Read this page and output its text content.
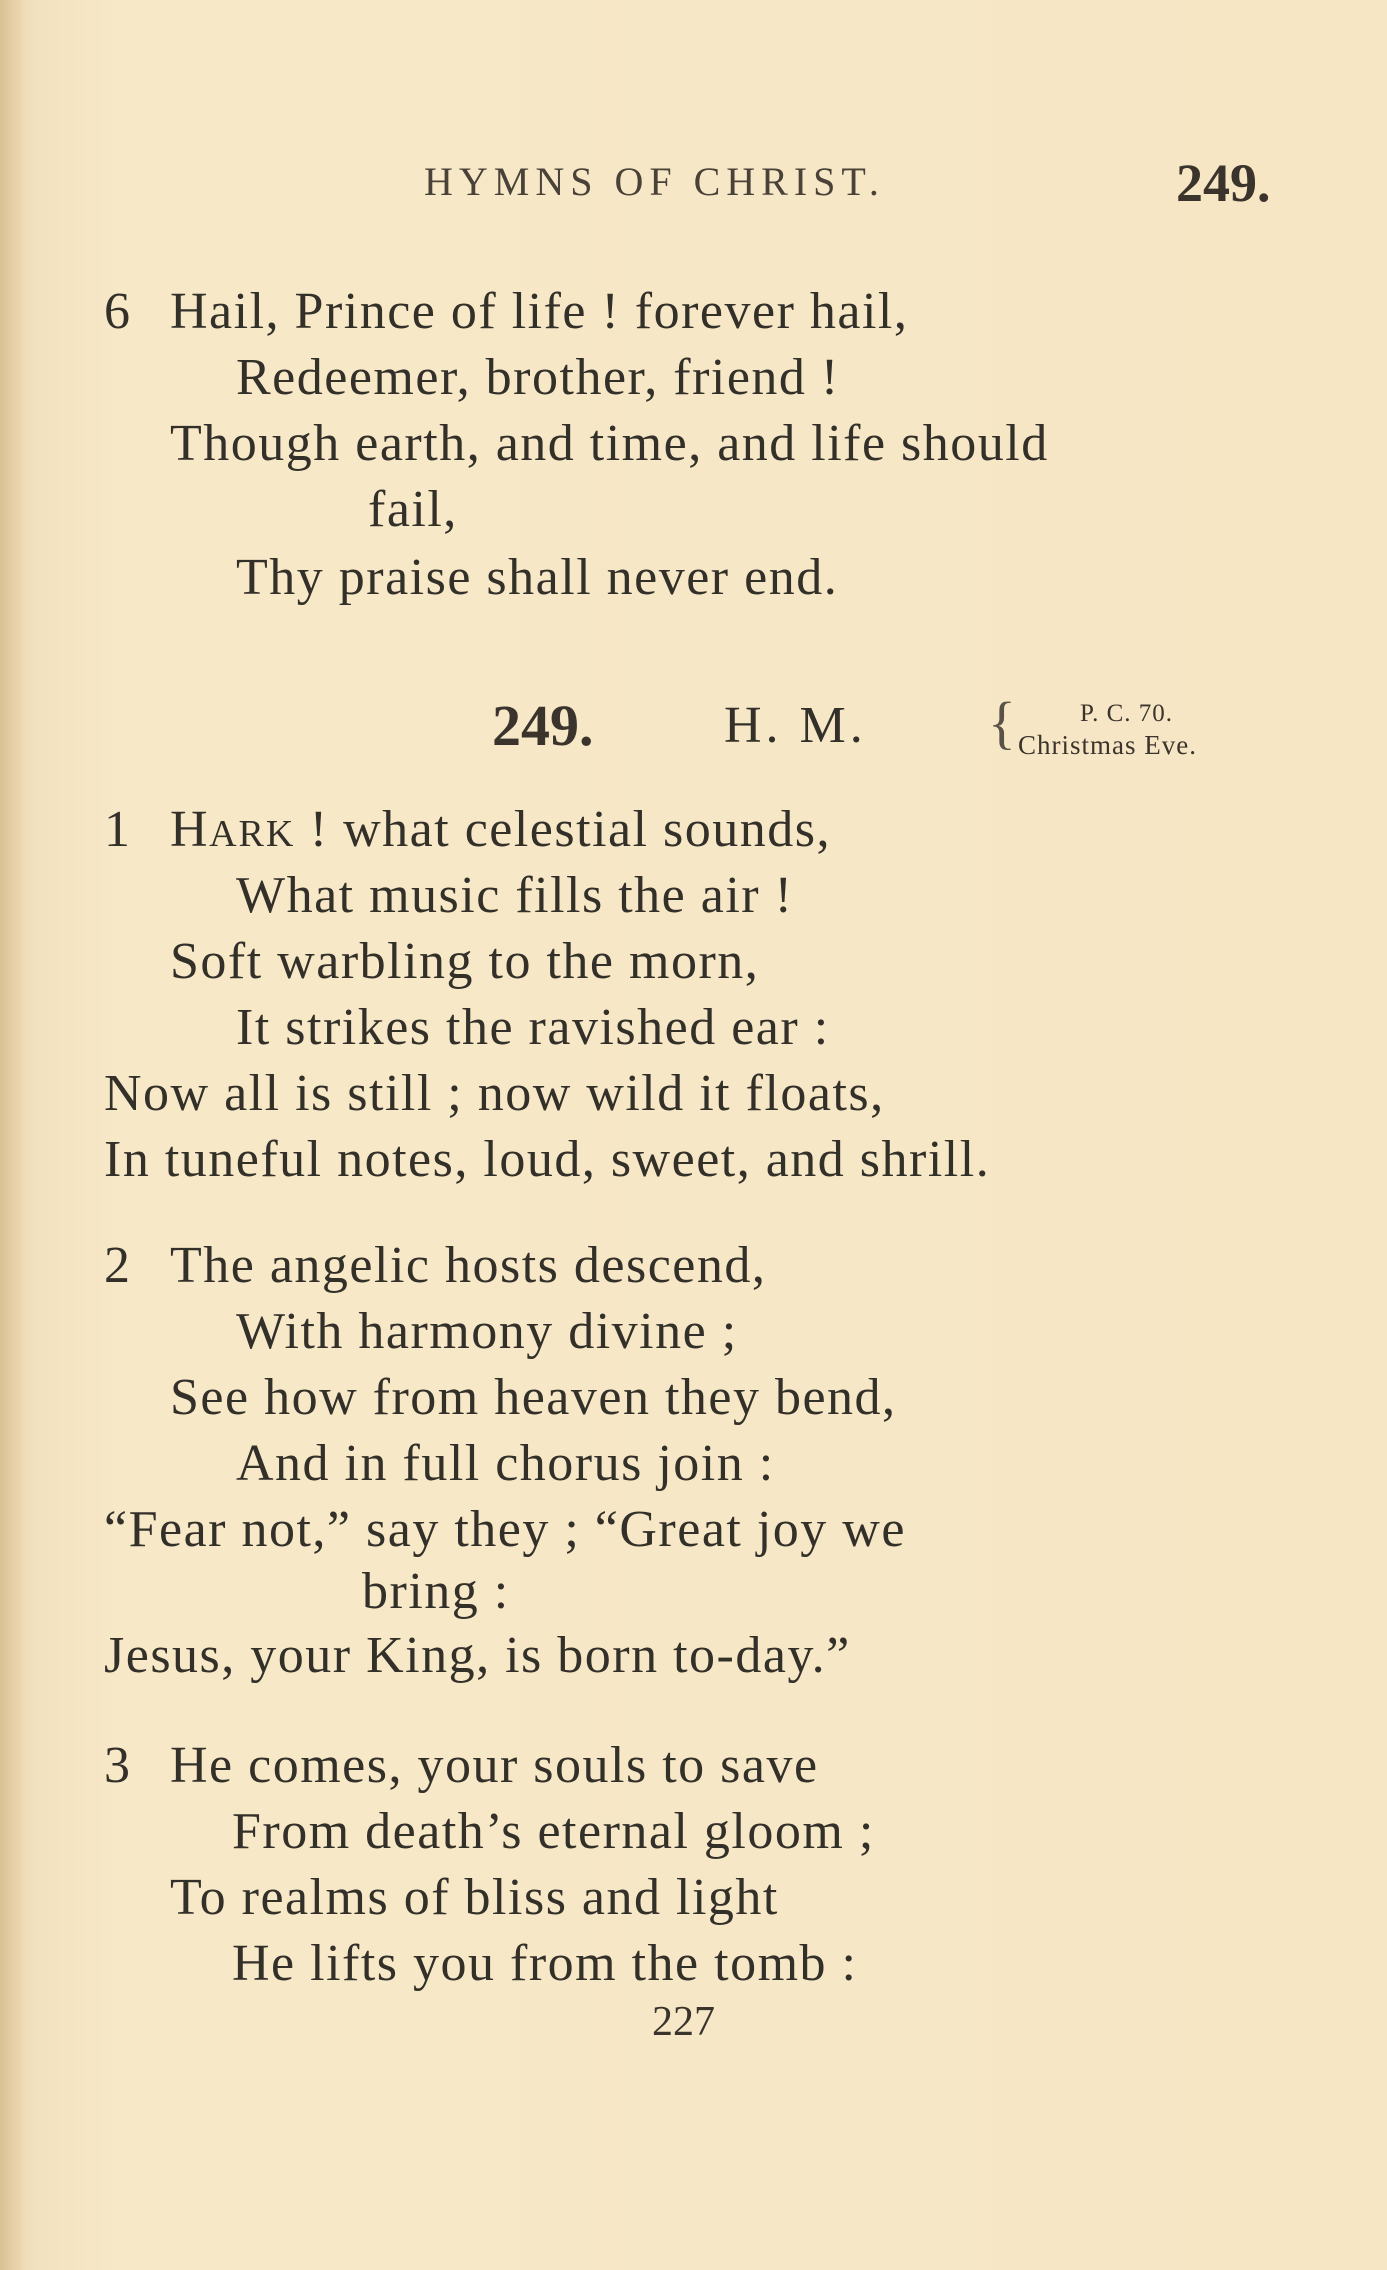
HYMNS OF CHRIST.	249.
6 Hail, Prince of life ! forever hail,
Redeemer, brother, friend !
Though earth, and time, and life should
fail,
Thy praise shall never end.
249.	H. M. {	P. C. 70.
Christmas Eve.
1 HARK ! what celestial sounds,
What music fills the air !
Soft warbling to the morn,
It strikes the ravished ear :
Now all is still ; now wild it floats,
In tuneful notes, loud, sweet, and shrill.
2 The angelic hosts descend,
With harmony divine ;
See how from heaven they bend,
And in full chorus join :
“Fear not,” say they ; “Great joy we
bring :
Jesus, your King, is born to-day.”
3 He comes, your souls to save
From death’s eternal gloom ;
To realms of bliss and light
He lifts you from the tomb :
227
